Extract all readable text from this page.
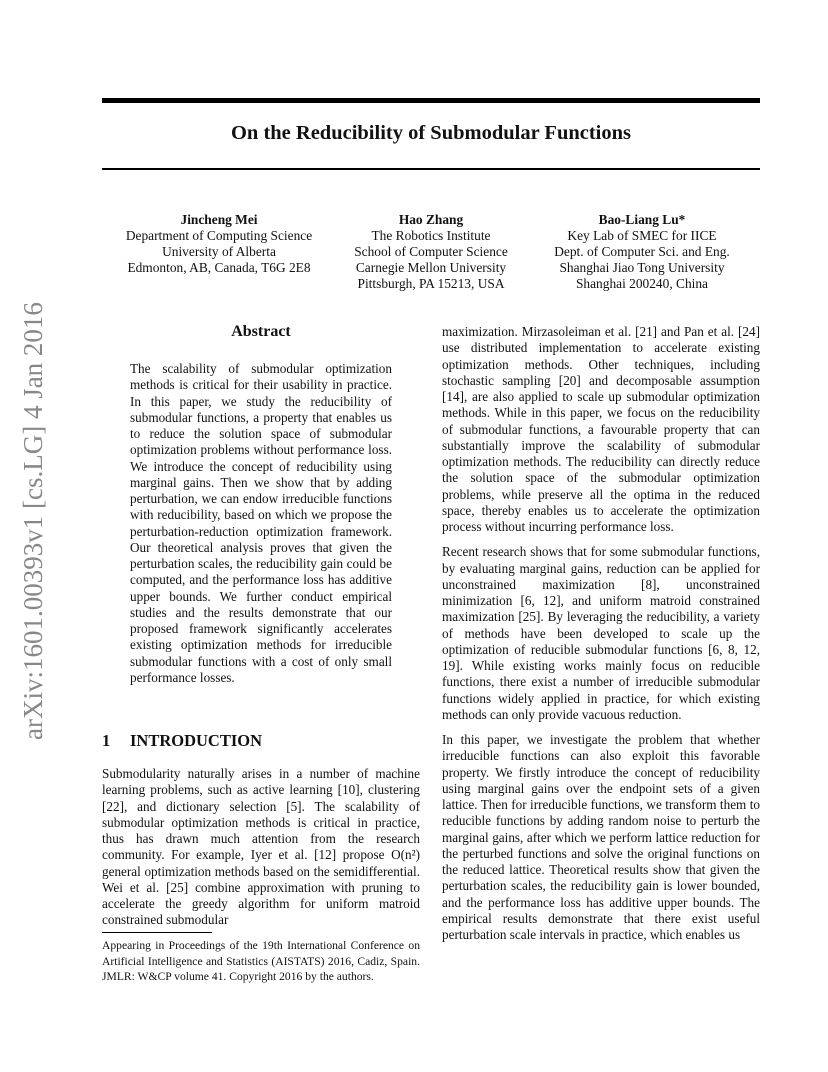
On the Reducibility of Submodular Functions
Jincheng Mei
Department of Computing Science
University of Alberta
Edmonton, AB, Canada, T6G 2E8
Hao Zhang
The Robotics Institute
School of Computer Science
Carnegie Mellon University
Pittsburgh, PA 15213, USA
Bao-Liang Lu*
Key Lab of SMEC for IICE
Dept. of Computer Sci. and Eng.
Shanghai Jiao Tong University
Shanghai 200240, China
arXiv:1601.00393v1 [cs.LG] 4 Jan 2016	Abstract

The scalability of submodular optimization methods is critical for their usability in practice. In this paper, we study the reducibility of submodular functions, a property that enables us to reduce the solution space of submodular optimization problems without performance loss. We introduce the concept of reducibility using marginal gains. Then we show that by adding perturbation, we can endow irreducible functions with reducibility, based on which we propose the perturbation-reduction optimization framework. Our theoretical analysis proves that given the perturbation scales, the reducibility gain could be computed, and the performance loss has additive upper bounds. We further conduct empirical studies and the results demonstrate that our proposed framework significantly accelerates existing optimization methods for irreducible submodular functions with a cost of only small performance losses.

1 INTRODUCTION

Submodularity naturally arises in a number of machine learning problems, such as active learning [10], clustering [22], and dictionary selection [5]. The scalability of submodular optimization methods is critical in practice, thus has drawn much attention from the research community. For example, Iyer et al. [12] propose O(n²) general optimization methods based on the semidifferential. Wei et al. [25] combine approximation with pruning to accelerate the greedy algorithm for uniform matroid constrained submodular

Appearing in Proceedings of the 19th International Conference on Artificial Intelligence and Statistics (AISTATS) 2016, Cadiz, Spain. JMLR: W&CP volume 41. Copyright 2016 by the authors.

maximization. Mirzasoleiman et al. [21] and Pan et al. [24] use distributed implementation to accelerate existing optimization methods. Other techniques, including stochastic sampling [20] and decomposable assumption [14], are also applied to scale up submodular optimization methods. While in this paper, we focus on the reducibility of submodular functions, a favourable property that can substantially improve the scalability of submodular optimization methods. The reducibility can directly reduce the solution space of the submodular optimization problems, while preserve all the optima in the reduced space, thereby enables us to accelerate the optimization process without incurring performance loss.

Recent research shows that for some submodular functions, by evaluating marginal gains, reduction can be applied for unconstrained maximization [8], unconstrained minimization [6, 12], and uniform matroid constrained maximization [25]. By leveraging the reducibility, a variety of methods have been developed to scale up the optimization of reducible submodular functions [6, 8, 12, 19]. While existing works mainly focus on reducible functions, there exist a number of irreducible submodular functions widely applied in practice, for which existing methods can only provide vacuous reduction.

In this paper, we investigate the problem that whether irreducible functions can also exploit this favorable property. We firstly introduce the concept of reducibility using marginal gains over the endpoint sets of a given lattice. Then for irreducible functions, we transform them to reducible functions by adding random noise to perturb the marginal gains, after which we perform lattice reduction for the perturbed functions and solve the original functions on the reduced lattice. Theoretical results show that given the perturbation scales, the reducibility gain is lower bounded, and the performance loss has additive upper bounds. The empirical results demonstrate that there exist useful perturbation scale intervals in practice, which enables us
